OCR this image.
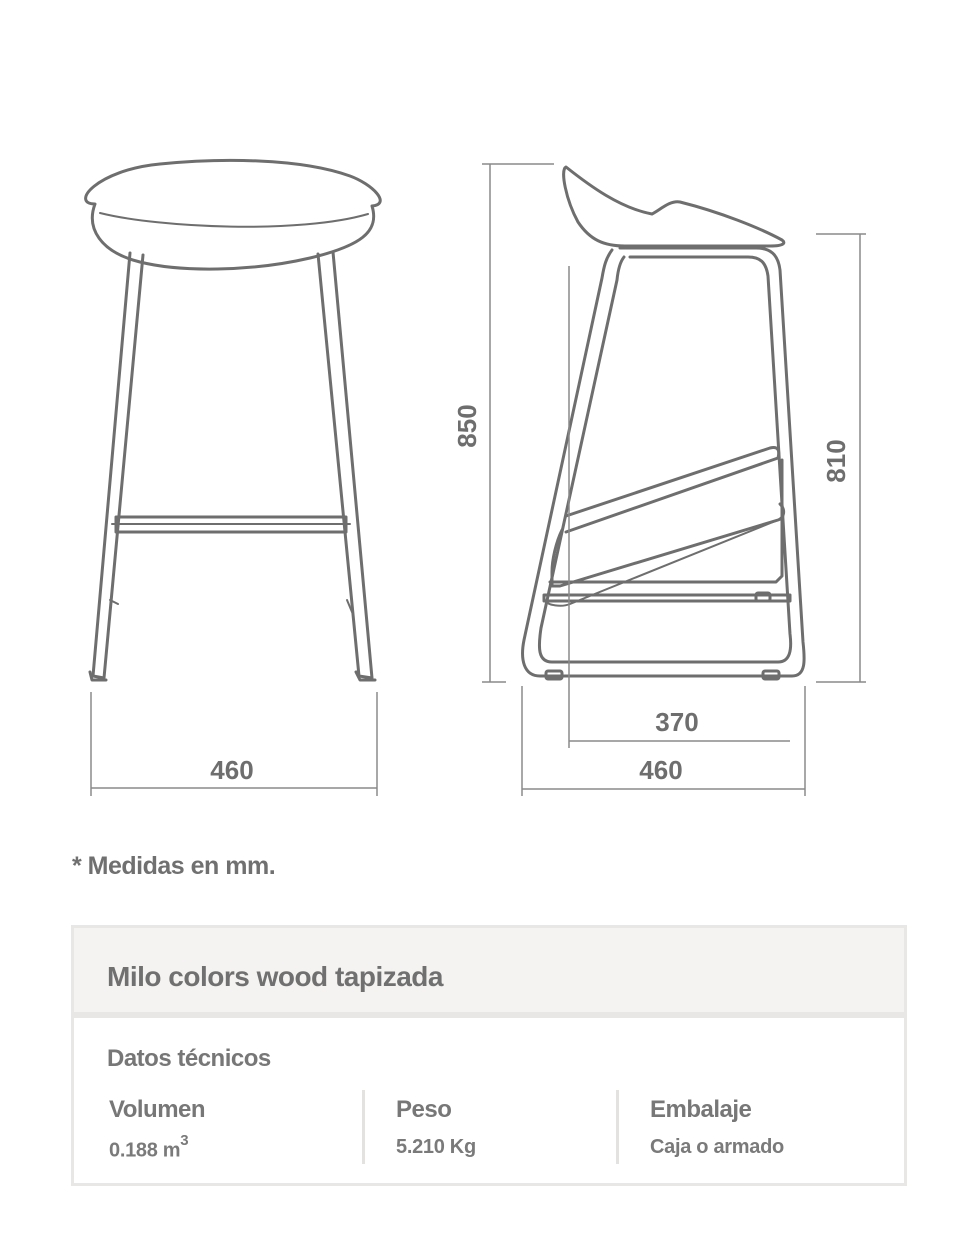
460
850
810
370
460
* Medidas en mm.
Milo colors wood tapizada
Datos técnicos
Volumen
0.188 $m^3$
Peso
5.210 Kg
Embalaje
Caja o armado
